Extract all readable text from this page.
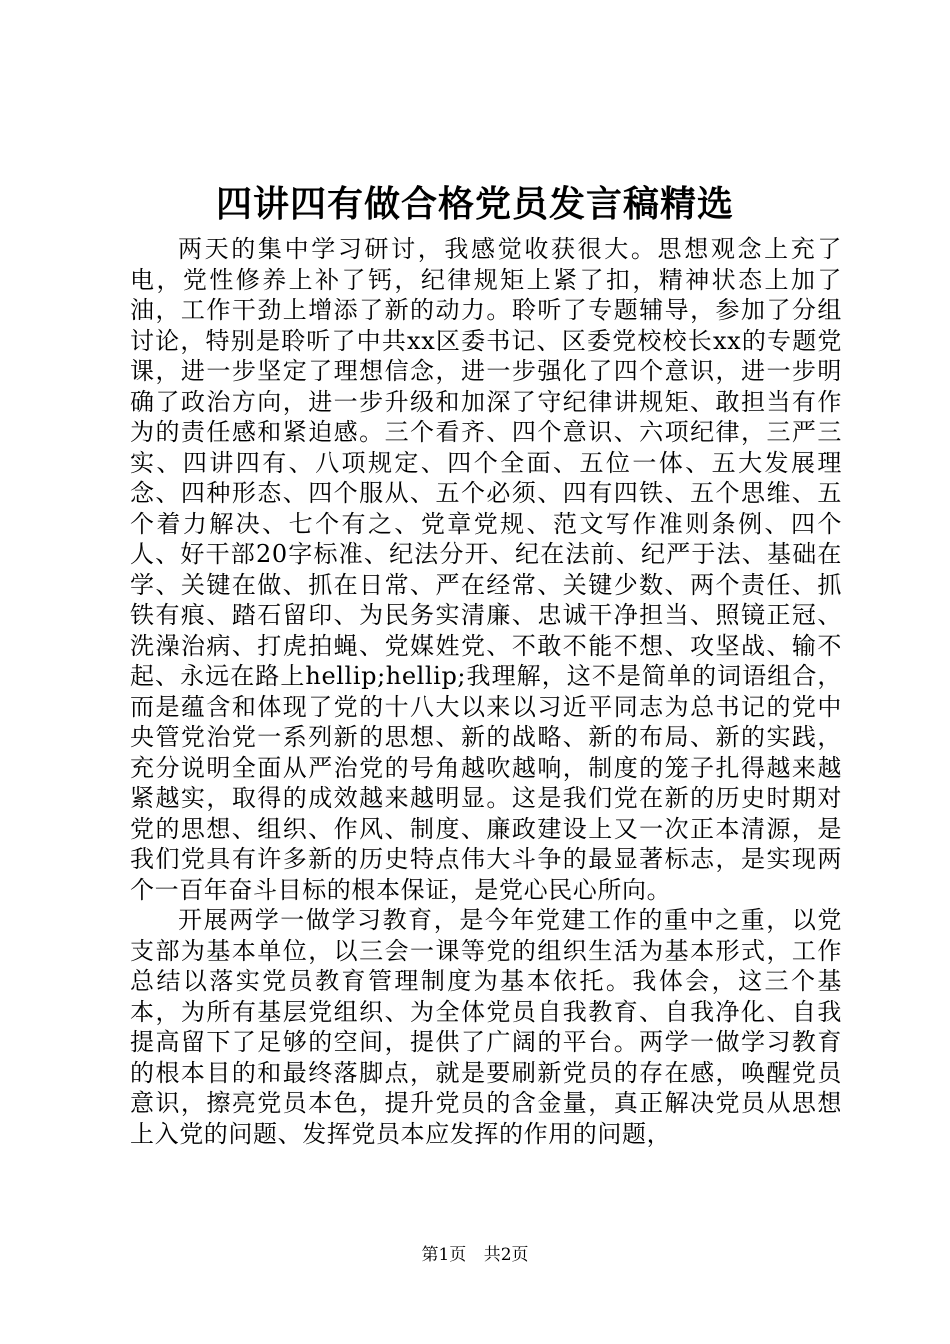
四讲四有做合格党员发言稿精选

两天的集中学习研讨，我感觉收获很大。思想观念上充了电，党性修养上补了钙，纪律规矩上紧了扣，精神状态上加了油，工作干劲上增添了新的动力。聆听了专题辅导，参加了分组讨论，特别是聆听了中共xx区委书记、区委党校校长xx的专题党课，进一步坚定了理想信念，进一步强化了四个意识，进一步明确了政治方向，进一步升级和加深了守纪律讲规矩、敢担当有作为的责任感和紧迫感。三个看齐、四个意识、六项纪律，三严三实、四讲四有、八项规定、四个全面、五位一体、五大发展理念、四种形态、四个服从、五个必须、四有四铁、五个思维、五个着力解决、七个有之、党章党规、范文写作准则条例、四个人、好干部20字标准、纪法分开、纪在法前、纪严于法、基础在学、关键在做、抓在日常、严在经常、关键少数、两个责任、抓铁有痕、踏石留印、为民务实清廉、忠诚干净担当、照镜正冠、洗澡治病、打虎拍蝇、党媒姓党、不敢不能不想、攻坚战、输不起、永远在路上hellip;hellip;我理解，这不是简单的词语组合，而是蕴含和体现了党的十八大以来以习近平同志为总书记的党中央管党治党一系列新的思想、新的战略、新的布局、新的实践，充分说明全面从严治党的号角越吹越响，制度的笼子扎得越来越紧越实，取得的成效越来越明显。这是我们党在新的历史时期对党的思想、组织、作风、制度、廉政建设上又一次正本清源，是我们党具有许多新的历史特点伟大斗争的最显著标志，是实现两个一百年奋斗目标的根本保证，是党心民心所向。

开展两学一做学习教育，是今年党建工作的重中之重，以党支部为基本单位，以三会一课等党的组织生活为基本形式，工作总结以落实党员教育管理制度为基本依托。我体会，这三个基本，为所有基层党组织、为全体党员自我教育、自我净化、自我提高留下了足够的空间，提供了广阔的平台。两学一做学习教育的根本目的和最终落脚点，就是要刷新党员的存在感，唤醒党员意识，擦亮党员本色，提升党员的含金量，真正解决党员从思想上入党的问题、发挥党员本应发挥的作用的问题，

第1页 共2页
